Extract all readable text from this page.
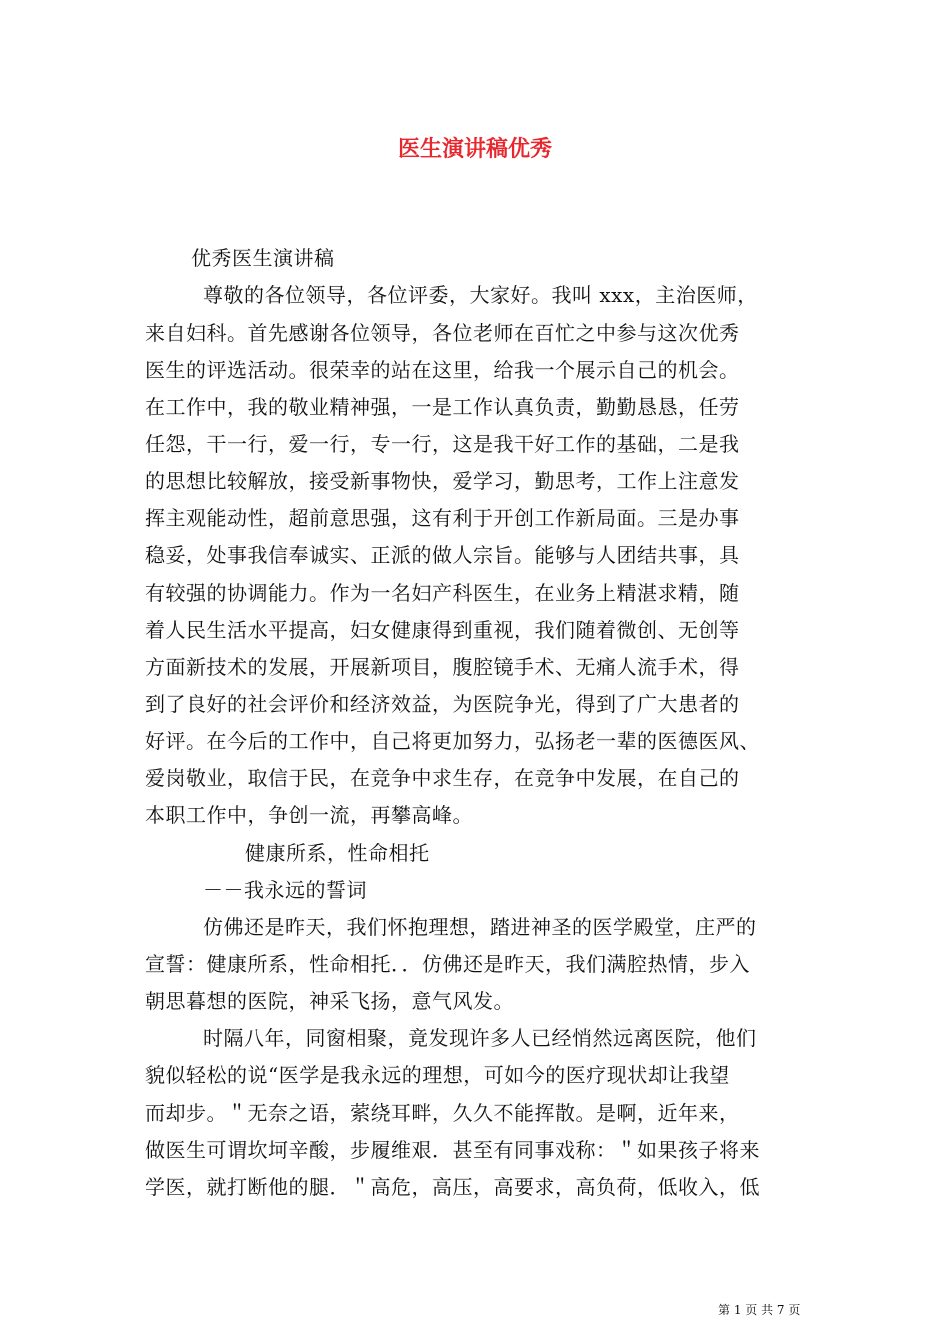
医生演讲稿优秀
优秀医生演讲稿
尊敬的各位领导，各位评委，大家好。我叫 xxx，主治医师，
来自妇科。首先感谢各位领导，各位老师在百忙之中参与这次优秀
医生的评选活动。很荣幸的站在这里，给我一个展示自己的机会。
在工作中，我的敬业精神强，一是工作认真负责，勤勤恳恳，任劳
任怨，干一行，爱一行，专一行，这是我干好工作的基础，二是我
的思想比较解放，接受新事物快，爱学习，勤思考，工作上注意发
挥主观能动性，超前意思强，这有利于开创工作新局面。三是办事
稳妥，处事我信奉诚实、正派的做人宗旨。能够与人团结共事，具
有较强的协调能力。作为一名妇产科医生，在业务上精湛求精，随
着人民生活水平提高，妇女健康得到重视，我们随着微创、无创等
方面新技术的发展，开展新项目，腹腔镜手术、无痛人流手术，得
到了良好的社会评价和经济效益，为医院争光，得到了广大患者的
好评。在今后的工作中，自己将更加努力，弘扬老一辈的医德医风、
爱岗敬业，取信于民，在竞争中求生存，在竞争中发展，在自己的
本职工作中，争创一流，再攀高峰。
健康所系，性命相托
－－我永远的誓词
仿佛还是昨天，我们怀抱理想，踏进神圣的医学殿堂，庄严的
宣誓：健康所系，性命相托．．仿佛还是昨天，我们满腔热情，步入
朝思暮想的医院，神采飞扬，意气风发。
时隔八年，同窗相聚，竟发现许多人已经悄然远离医院，他们
貌似轻松的说“医学是我永远的理想，可如今的医疗现状却让我望
而却步。＂无奈之语，萦绕耳畔，久久不能挥散。是啊，近年来，
做医生可谓坎坷辛酸，步履维艰．甚至有同事戏称：＂如果孩子将来
学医，就打断他的腿．＂高危，高压，高要求，高负荷，低收入，低
第 1 页 共 7 页
